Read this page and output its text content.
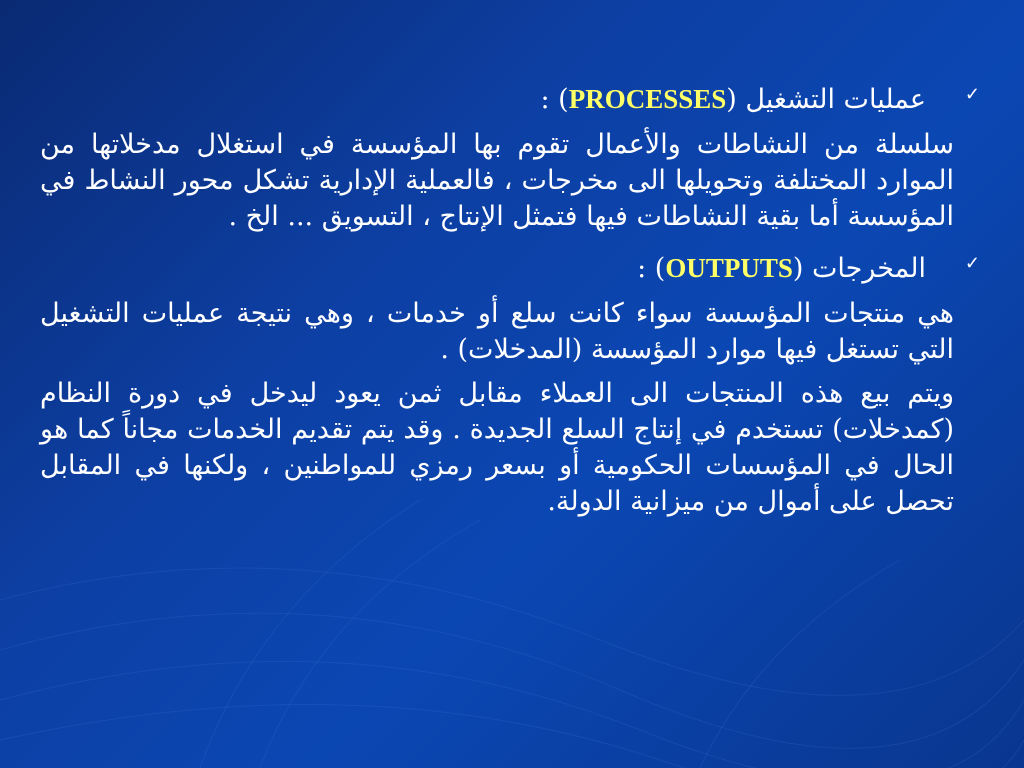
✓
عمليات التشغيل (PROCESSES) :

سلسلة من النشاطات والأعمال تقوم بها المؤسسة في استغلال مدخلاتها من الموارد المختلفة وتحويلها الى مخرجات ، فالعملية الإدارية تشكل محور النشاط في المؤسسة أما بقية النشاطات فيها فتمثل الإنتاج ، التسويق ... الخ .

✓
المخرجات (OUTPUTS) :

هي منتجات المؤسسة سواء كانت سلع أو خدمات ، وهي نتيجة عمليات التشغيل التي تستغل فيها موارد المؤسسة (المدخلات) .

ويتم بيع هذه المنتجات الى العملاء مقابل ثمن يعود ليدخل في دورة النظام (كمدخلات) تستخدم في إنتاج السلع الجديدة . وقد يتم تقديم الخدمات مجاناً كما هو الحال في المؤسسات الحكومية أو بسعر رمزي للمواطنين ، ولكنها في المقابل تحصل على أموال من ميزانية الدولة.
